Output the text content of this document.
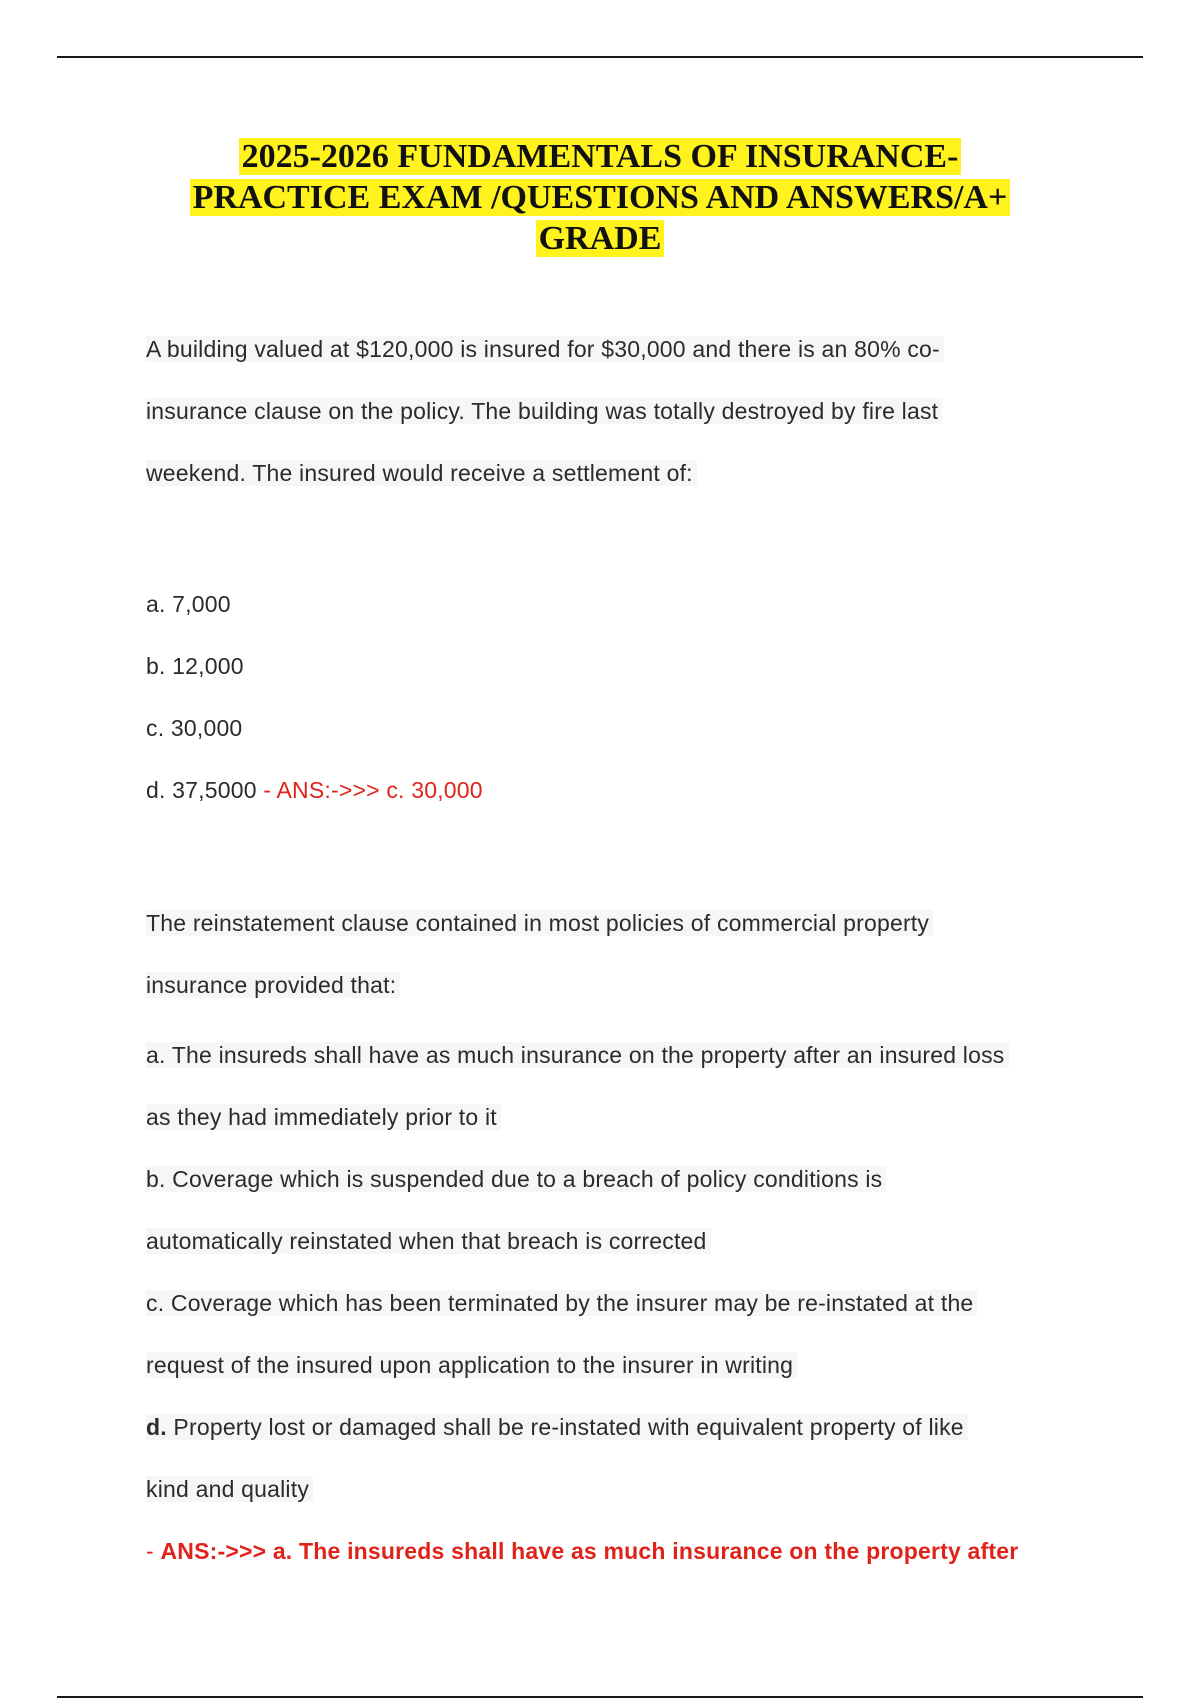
2025-2026 FUNDAMENTALS OF INSURANCE-
PRACTICE EXAM /QUESTIONS AND ANSWERS/A+
GRADE
A building valued at $120,000 is insured for $30,000 and there is an 80% co-
insurance clause on the policy. The building was totally destroyed by fire last
weekend. The insured would receive a settlement of:
a. 7,000
b. 12,000
c. 30,000
d. 37,5000 - ANS:->>> c. 30,000
The reinstatement clause contained in most policies of commercial property
insurance provided that:
a. The insureds shall have as much insurance on the property after an insured loss
as they had immediately prior to it
b. Coverage which is suspended due to a breach of policy conditions is
automatically reinstated when that breach is corrected
c. Coverage which has been terminated by the insurer may be re-instated at the
request of the insured upon application to the insurer in writing
d. Property lost or damaged shall be re-instated with equivalent property of like
kind and quality
- ANS:->>> a. The insureds shall have as much insurance on the property after
